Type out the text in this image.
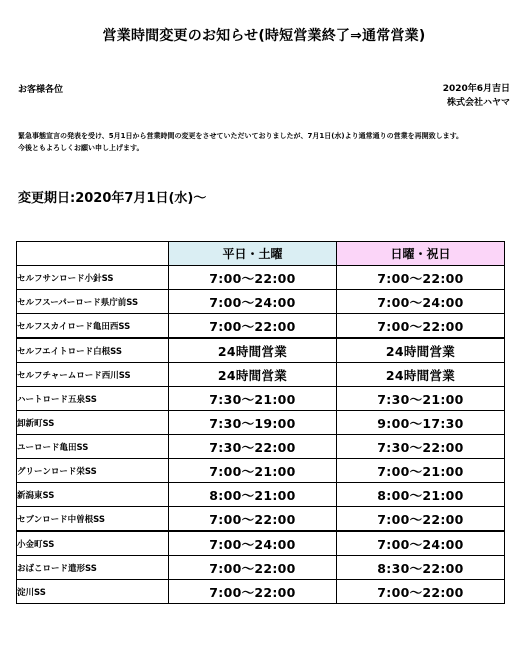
営業時間変更のお知らせ(時短営業終了⇒通常営業)
お客様各位	2020年6月吉日
株式会社ハヤマ
緊急事態宣言の発表を受け、5月1日から営業時間の変更をさせていただいておりましたが、7月1日(水)より通常通りの営業を再開致します。
今後ともよろしくお願い申し上げます。
変更期日:2020年7月1日(水)〜
	平日・土曜	日曜・祝日
セルフサンロード小針SS	7:00〜22:00	7:00〜22:00
セルフスーパーロード県庁前SS	7:00〜24:00	7:00〜24:00
セルフスカイロード亀田西SS	7:00〜22:00	7:00〜22:00
セルフエイトロード白根SS	24時間営業	24時間営業
セルフチャームロード西川SS	24時間営業	24時間営業
ハートロード五泉SS	7:30〜21:00	7:30〜21:00
卸新町SS	7:30〜19:00	9:00〜17:30
ユーロード亀田SS	7:30〜22:00	7:30〜22:00
グリーンロード栄SS	7:00〜21:00	7:00〜21:00
新潟東SS	8:00〜21:00	8:00〜21:00
セブンロード中曽根SS	7:00〜22:00	7:00〜22:00
小金町SS	7:00〜24:00	7:00〜24:00
おばこロード遣形SS	7:00〜22:00	8:30〜22:00
淀川SS	7:00〜22:00	7:00〜22:00
